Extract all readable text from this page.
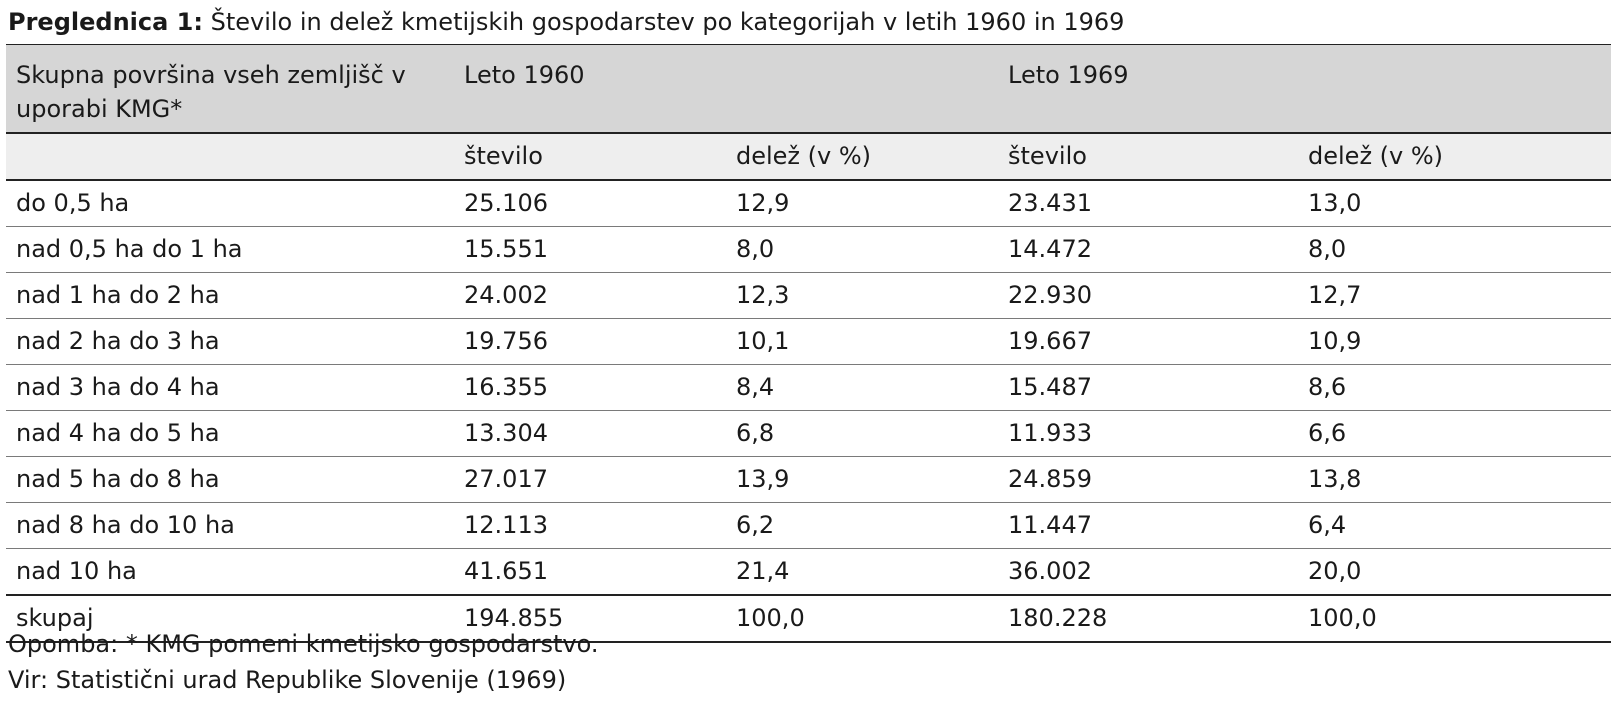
Preglednica 1: Število in delež kmetijskih gospodarstev po kategorijah v letih 1960 in 1969
Skupna površina vseh zemljišč v uporabi KMG*	Leto 1960		Leto 1969	
	število	delež (v %)	število	delež (v %)
do 0,5 ha	25.106	12,9	23.431	13,0
nad 0,5 ha do 1 ha	15.551	8,0	14.472	8,0
nad 1 ha do 2 ha	24.002	12,3	22.930	12,7
nad 2 ha do 3 ha	19.756	10,1	19.667	10,9
nad 3 ha do 4 ha	16.355	8,4	15.487	8,6
nad 4 ha do 5 ha	13.304	6,8	11.933	6,6
nad 5 ha do 8 ha	27.017	13,9	24.859	13,8
nad 8 ha do 10 ha	12.113	6,2	11.447	6,4
nad 10 ha	41.651	21,4	36.002	20,0
skupaj	194.855	100,0	180.228	100,0
Opomba: * KMG pomeni kmetijsko gospodarstvo.
Vir: Statistični urad Republike Slovenije (1969)
